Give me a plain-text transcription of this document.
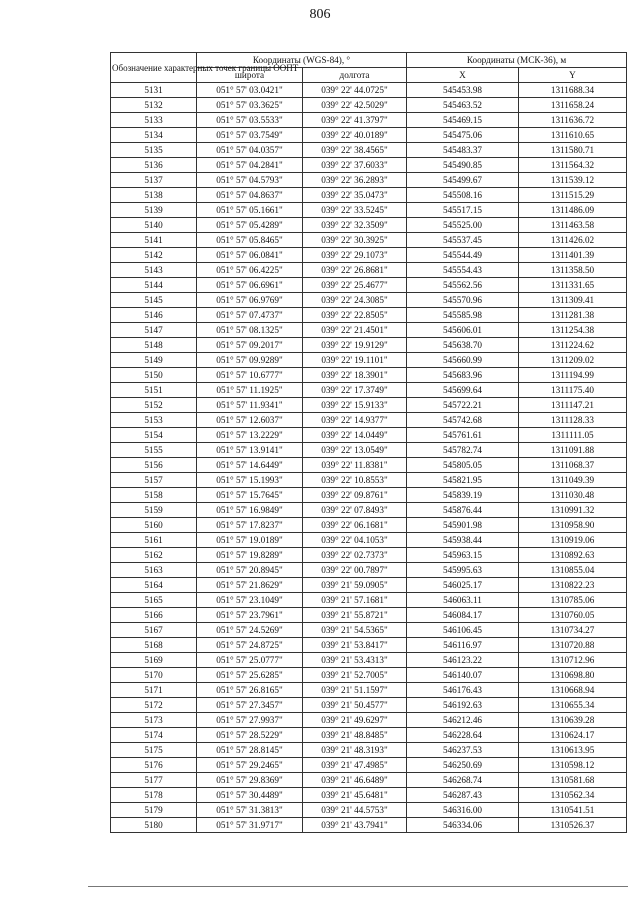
806
Обозначение характерных точек границы ООПТ	Координаты (WGS-84), °		Координаты (МСК-36), м	
	широта	долгота	X	Y
5131	051° 57' 03.0421"	039° 22' 44.0725"	545453.98	1311688.34
5132	051° 57' 03.3625"	039° 22' 42.5029"	545463.52	1311658.24
5133	051° 57' 03.5533"	039° 22' 41.3797"	545469.15	1311636.72
5134	051° 57' 03.7549"	039° 22' 40.0189"	545475.06	1311610.65
5135	051° 57' 04.0357"	039° 22' 38.4565"	545483.37	1311580.71
5136	051° 57' 04.2841"	039° 22' 37.6033"	545490.85	1311564.32
5137	051° 57' 04.5793"	039° 22' 36.2893"	545499.67	1311539.12
5138	051° 57' 04.8637"	039° 22' 35.0473"	545508.16	1311515.29
5139	051° 57' 05.1661"	039° 22' 33.5245"	545517.15	1311486.09
5140	051° 57' 05.4289"	039° 22' 32.3509"	545525.00	1311463.58
5141	051° 57' 05.8465"	039° 22' 30.3925"	545537.45	1311426.02
5142	051° 57' 06.0841"	039° 22' 29.1073"	545544.49	1311401.39
5143	051° 57' 06.4225"	039° 22' 26.8681"	545554.43	1311358.50
5144	051° 57' 06.6961"	039° 22' 25.4677"	545562.56	1311331.65
5145	051° 57' 06.9769"	039° 22' 24.3085"	545570.96	1311309.41
5146	051° 57' 07.4737"	039° 22' 22.8505"	545585.98	1311281.38
5147	051° 57' 08.1325"	039° 22' 21.4501"	545606.01	1311254.38
5148	051° 57' 09.2017"	039° 22' 19.9129"	545638.70	1311224.62
5149	051° 57' 09.9289"	039° 22' 19.1101"	545660.99	1311209.02
5150	051° 57' 10.6777"	039° 22' 18.3901"	545683.96	1311194.99
5151	051° 57' 11.1925"	039° 22' 17.3749"	545699.64	1311175.40
5152	051° 57' 11.9341"	039° 22' 15.9133"	545722.21	1311147.21
5153	051° 57' 12.6037"	039° 22' 14.9377"	545742.68	1311128.33
5154	051° 57' 13.2229"	039° 22' 14.0449"	545761.61	1311111.05
5155	051° 57' 13.9141"	039° 22' 13.0549"	545782.74	1311091.88
5156	051° 57' 14.6449"	039° 22' 11.8381"	545805.05	1311068.37
5157	051° 57' 15.1993"	039° 22' 10.8553"	545821.95	1311049.39
5158	051° 57' 15.7645"	039° 22' 09.8761"	545839.19	1311030.48
5159	051° 57' 16.9849"	039° 22' 07.8493"	545876.44	1310991.32
5160	051° 57' 17.8237"	039° 22' 06.1681"	545901.98	1310958.90
5161	051° 57' 19.0189"	039° 22' 04.1053"	545938.44	1310919.06
5162	051° 57' 19.8289"	039° 22' 02.7373"	545963.15	1310892.63
5163	051° 57' 20.8945"	039° 22' 00.7897"	545995.63	1310855.04
5164	051° 57' 21.8629"	039° 21' 59.0905"	546025.17	1310822.23
5165	051° 57' 23.1049"	039° 21' 57.1681"	546063.11	1310785.06
5166	051° 57' 23.7961"	039° 21' 55.8721"	546084.17	1310760.05
5167	051° 57' 24.5269"	039° 21' 54.5365"	546106.45	1310734.27
5168	051° 57' 24.8725"	039° 21' 53.8417"	546116.97	1310720.88
5169	051° 57' 25.0777"	039° 21' 53.4313"	546123.22	1310712.96
5170	051° 57' 25.6285"	039° 21' 52.7005"	546140.07	1310698.80
5171	051° 57' 26.8165"	039° 21' 51.1597"	546176.43	1310668.94
5172	051° 57' 27.3457"	039° 21' 50.4577"	546192.63	1310655.34
5173	051° 57' 27.9937"	039° 21' 49.6297"	546212.46	1310639.28
5174	051° 57' 28.5229"	039° 21' 48.8485"	546228.64	1310624.17
5175	051° 57' 28.8145"	039° 21' 48.3193"	546237.53	1310613.95
5176	051° 57' 29.2465"	039° 21' 47.4985"	546250.69	1310598.12
5177	051° 57' 29.8369"	039° 21' 46.6489"	546268.74	1310581.68
5178	051° 57' 30.4489"	039° 21' 45.6481"	546287.43	1310562.34
5179	051° 57' 31.3813"	039° 21' 44.5753"	546316.00	1310541.51
5180	051° 57' 31.9717"	039° 21' 43.7941"	546334.06	1310526.37
